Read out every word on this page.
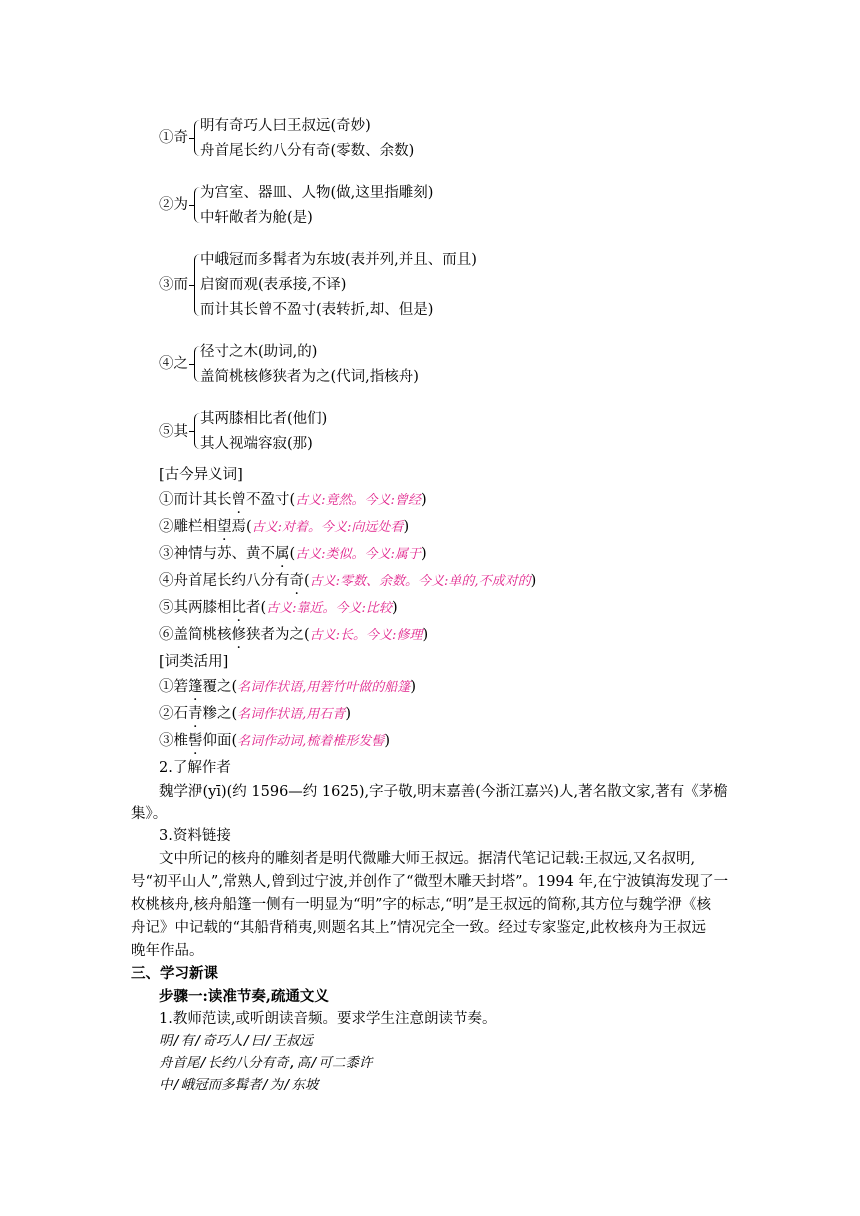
①奇
明有奇巧人曰王叔远(奇妙)
舟首尾长约八分有奇(零数、余数)
②为
为宫室、器皿、人物(做,这里指雕刻)
中轩敞者为舱(是)
③而
中峨冠而多髯者为东坡(表并列,并且、而且)
启窗而观(表承接,不译)
而计其长曾不盈寸(表转折,却、但是)
④之
径寸之木(助词,的)
盖简桃核修狭者为之(代词,指核舟)
⑤其
其两膝相比者(他们)
其人视端容寂(那)
[古今异义词]
①而计其长曾不盈寸(古义:竟然。今义:曾经)
②雕栏相望焉(古义:对着。今义:向远处看)
③神情与苏、黄不属(古义:类似。今义:属于)
④舟首尾长约八分有奇(古义:零数、余数。今义:单的,不成对的)
⑤其两膝相比者(古义:靠近。今义:比较)
⑥盖简桃核修狭者为之(古义:长。今义:修理)
[词类活用]
①箬篷覆之(名词作状语,用箬竹叶做的船篷)
②石青糁之(名词作状语,用石青)
③椎髻仰面(名词作动词,梳着椎形发髻)
2.了解作者
魏学洢(yī)(约 1596—约 1625),字子敬,明末嘉善(今浙江嘉兴)人,著名散文家,著有《茅檐
集》。
3.资料链接
文中所记的核舟的雕刻者是明代微雕大师王叔远。据清代笔记记载:王叔远,又名叔明,
号“初平山人”,常熟人,曾到过宁波,并创作了“微型木雕天封塔”。1994 年,在宁波镇海发现了一
枚桃核舟,核舟船篷一侧有一明显为“明”字的标志,“明”是王叔远的简称,其方位与魏学洢《核
舟记》中记载的“其船背稍夷,则题名其上”情况完全一致。经过专家鉴定,此枚核舟为王叔远
晚年作品。
三、学习新课
步骤一:读准节奏,疏通文义
1.教师范读,或听朗读音频。要求学生注意朗读节奏。
明/有/奇巧人/曰/王叔远
舟首尾/长约八分有奇,高/可二黍许
中/峨冠而多髯者/为/东坡
